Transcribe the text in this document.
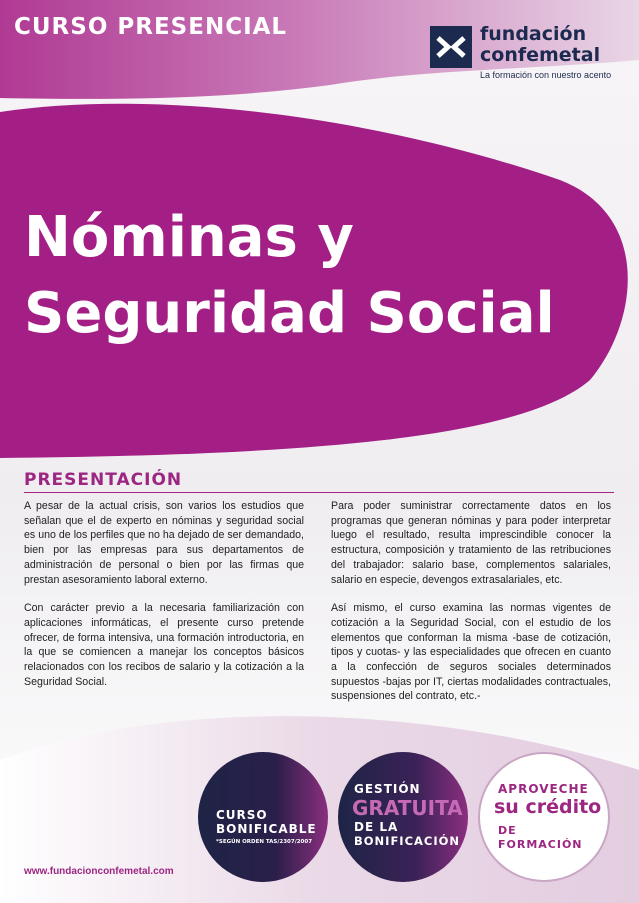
CURSO PRESENCIAL	fundación
confemetal
La formación con nuestro acento
Nóminas y
Seguridad Social
PRESENTACIÓN

A pesar de la actual crisis, son varios los estudios que señalan que el de experto en nóminas y seguridad social es uno de los perfiles que no ha dejado de ser demandado, bien por las empresas para sus departamentos de administración de personal o bien por las firmas que prestan asesoramiento laboral externo.

Con carácter previo a la necesaria familiarización con aplicaciones informáticas, el presente curso pretende ofrecer, de forma intensiva, una formación introductoria, en la que se comiencen a manejar los conceptos básicos relacionados con los recibos de salario y la cotización a la Seguridad Social.

Para poder suministrar correctamente datos en los programas que generan nóminas y para poder interpretar luego el resultado, resulta imprescindible conocer la estructura, composición y tratamiento de las retribuciones del trabajador: salario base, complementos salariales, salario en especie, devengos extrasalariales, etc.

Así mismo, el curso examina las normas vigentes de cotización a la Seguridad Social, con el estudio de los elementos que conforman la misma -base de cotización, tipos y cuotas- y las especialidades que ofrecen en cuanto a la confección de seguros sociales determinados supuestos -bajas por IT, ciertas modalidades contractuales, suspensiones del contrato, etc.-

CURSO
BONIFICABLE
*SEGÚN ORDEN TAS/2307/2007
GESTIÓN
GRATUITA
DE LA
BONIFICACIÓN
APROVECHE
su crédito
DE
FORMACIÓN
www.fundacionconfemetal.com
